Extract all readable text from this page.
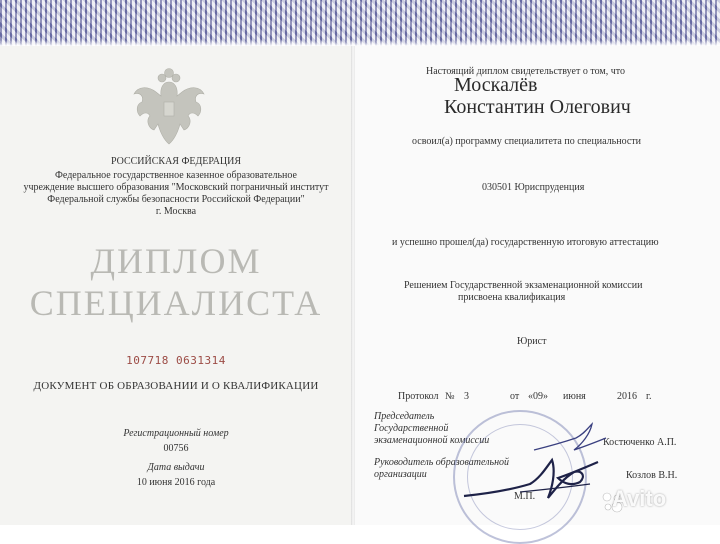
РОССИЙСКАЯ ФЕДЕРАЦИЯ
Федеральное государственное казенное образовательное
учреждение высшего образования "Московский пограничный институт
Федеральной службы безопасности Российской Федерации"
г. Москва
ДИПЛОМ
СПЕЦИАЛИСТА
107718 0631314
ДОКУМЕНТ ОБ ОБРАЗОВАНИИ И О КВАЛИФИКАЦИИ
Регистрационный номер
00756
Дата выдачи
10 июня 2016 года
Настоящий диплом свидетельствует о том, что
Москалёв
Константин Олегович
освоил(а) программу специалитета по специальности
030501 Юриспруденция
и успешно прошел(да) государственную итоговую аттестацию
Решением Государственной экзаменационной комиссии
присвоена квалификация
Юрист
Протокол № 3	от «09» июня	2016 г.
Председатель
Государственной
экзаменационной комиссии	Костюченко А.П.
Руководитель образовательной
организации	Козлов В.Н.
М.П.	Avito
